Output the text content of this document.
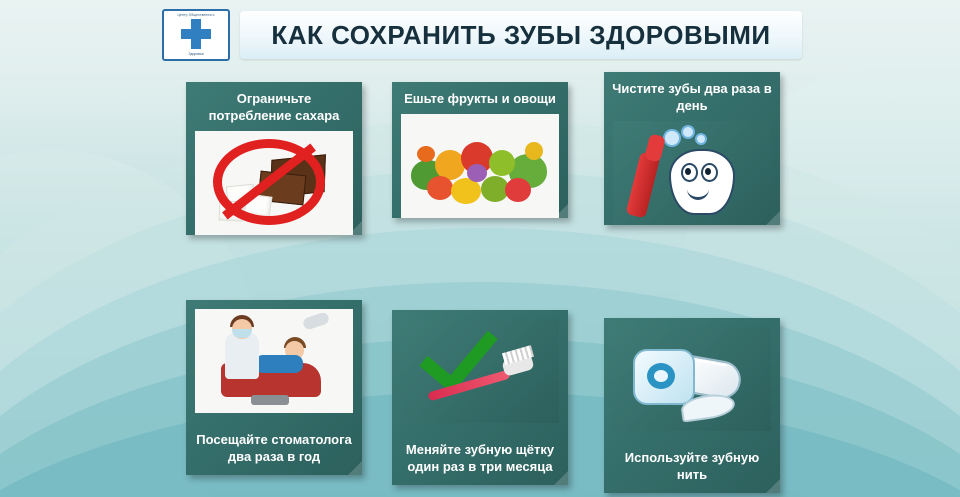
Центр Общественного
Здоровья
КАК СОХРАНИТЬ ЗУБЫ ЗДОРОВЫМИ
Ограничьте потребление сахара
Ешьте фрукты и овощи
Чистите зубы два раза в день
Посещайте стоматолога два раза в год	Меняйте зубную щётку один раз в три месяца
Используйте зубную нить
